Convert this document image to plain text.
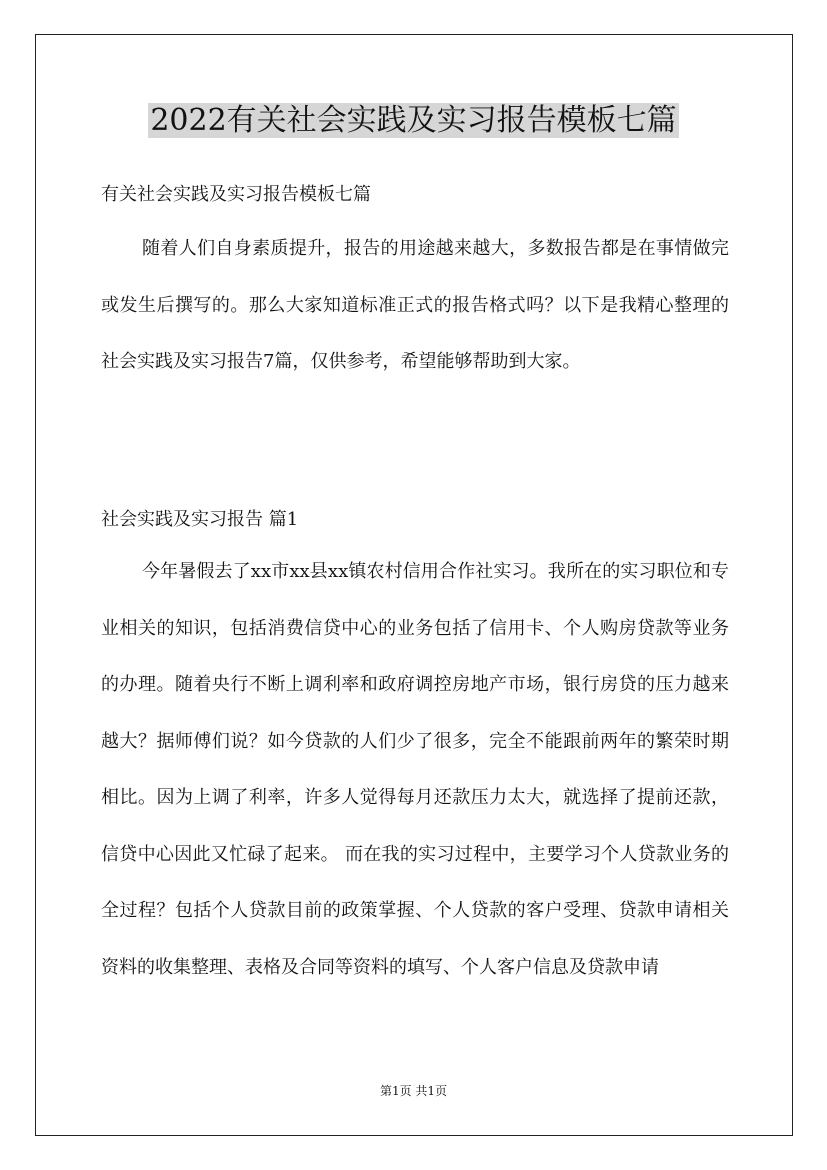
2022有关社会实践及实习报告模板七篇
有关社会实践及实习报告模板七篇
随着人们自身素质提升，报告的用途越来越大，多数报告都是在事情做完或发生后撰写的。那么大家知道标准正式的报告格式吗？以下是我精心整理的社会实践及实习报告7篇，仅供参考，希望能够帮助到大家。
社会实践及实习报告 篇1
今年暑假去了xx市xx县xx镇农村信用合作社实习。我所在的实习职位和专业相关的知识，包括消费信贷中心的业务包括了信用卡、个人购房贷款等业务的办理。随着央行不断上调利率和政府调控房地产市场，银行房贷的压力越来越大？据师傅们说？如今贷款的人们少了很多，完全不能跟前两年的繁荣时期相比。因为上调了利率，许多人觉得每月还款压力太大，就选择了提前还款，信贷中心因此又忙碌了起来。 而在我的实习过程中，主要学习个人贷款业务的全过程？包括个人贷款目前的政策掌握、个人贷款的客户受理、贷款申请相关资料的收集整理、表格及合同等资料的填写、个人客户信息及贷款申请
第1页 共1页
